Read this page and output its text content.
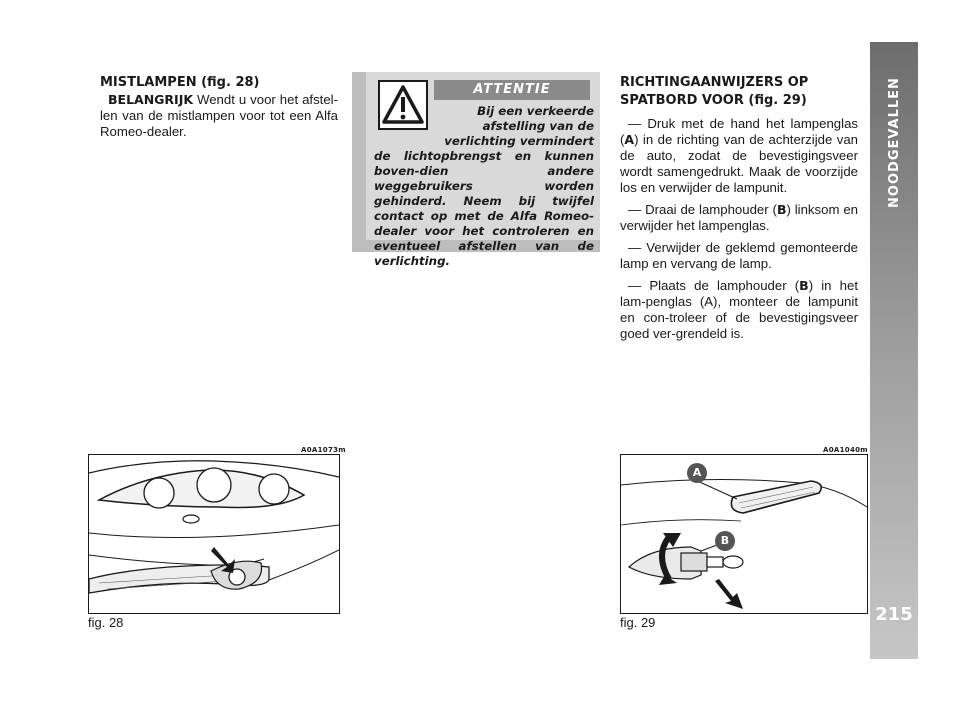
NOODGEVALLEN
215
MISTLAMPEN (fig. 28)

BELANGRIJK Wendt u voor het afstel-len van de mistlampen voor tot een Alfa Romeo-dealer.

ATTENTIE
Bij een verkeerde afstelling van de verlichting vermindert
de lichtopbrengst en kunnen boven-dien andere weggebruikers worden gehinderd. Neem bij twijfel contact op met de Alfa Romeo-dealer voor het controleren en eventueel afstellen van de verlichting.
RICHTINGAANWIJZERS OP SPATBORD VOOR (fig. 29)

— Druk met de hand het lampenglas (A) in de richting van de achterzijde van de auto, zodat de bevestigingsveer wordt samengedrukt. Maak de voorzijde los en verwijder de lampunit.

— Draai de lamphouder (B) linksom en verwijder het lampenglas.

— Verwijder de geklemd gemonteerde lamp en vervang de lamp.

— Plaats de lamphouder (B) in het lam-penglas (A), monteer de lampunit en con-troleer of de bevestigingsveer goed ver-grendeld is.

A0A1073m
fig. 28
A0A1040m
A
B
fig. 29
